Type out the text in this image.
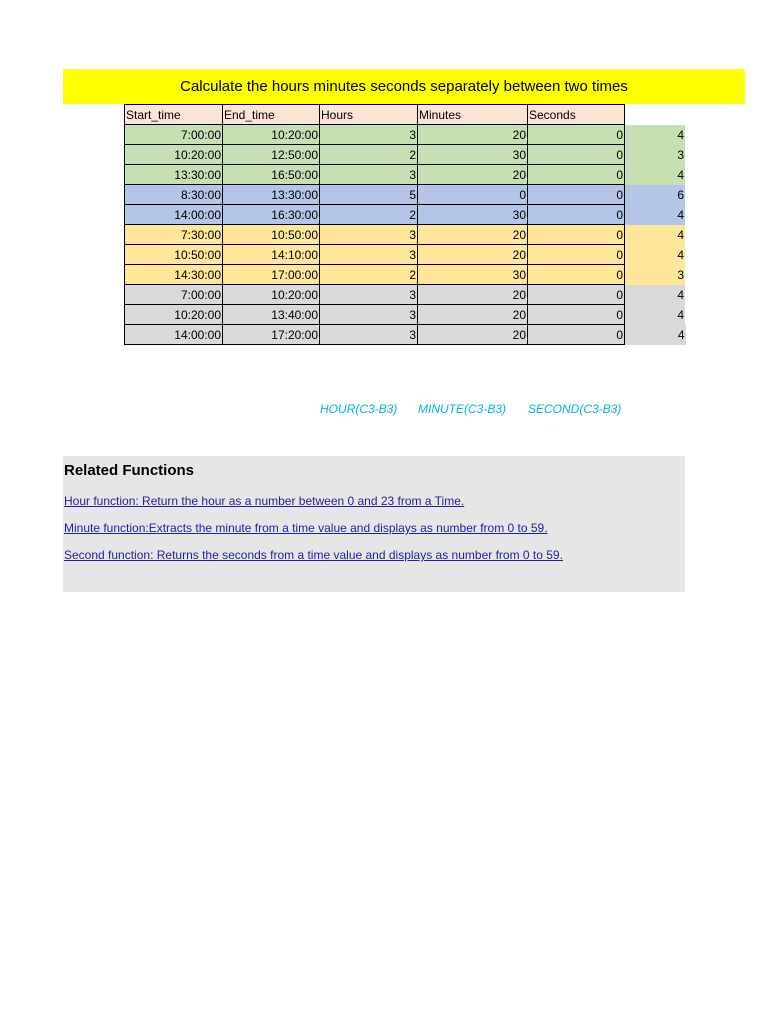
Calculate the hours minutes seconds separately between two times
Start_time	End_time	Hours	Minutes	Seconds	
7:00:00	10:20:00	3	20	0	4
10:20:00	12:50:00	2	30	0	3
13:30:00	16:50:00	3	20	0	4
8:30:00	13:30:00	5	0	0	6
14:00:00	16:30:00	2	30	0	4
7:30:00	10:50:00	3	20	0	4
10:50:00	14:10:00	3	20	0	4
14:30:00	17:00:00	2	30	0	3
7:00:00	10:20:00	3	20	0	4
10:20:00	13:40:00	3	20	0	4
14:00:00	17:20:00	3	20	0	4
HOUR(C3-B3) MINUTE(C3-B3) SECOND(C3-B3)
Related Functions
Hour function: Return the hour as a number between 0 and 23 from a Time.
Minute function:Extracts the minute from a time value and displays as number from 0 to 59.
Second function: Returns the seconds from a time value and displays as number from 0 to 59.
